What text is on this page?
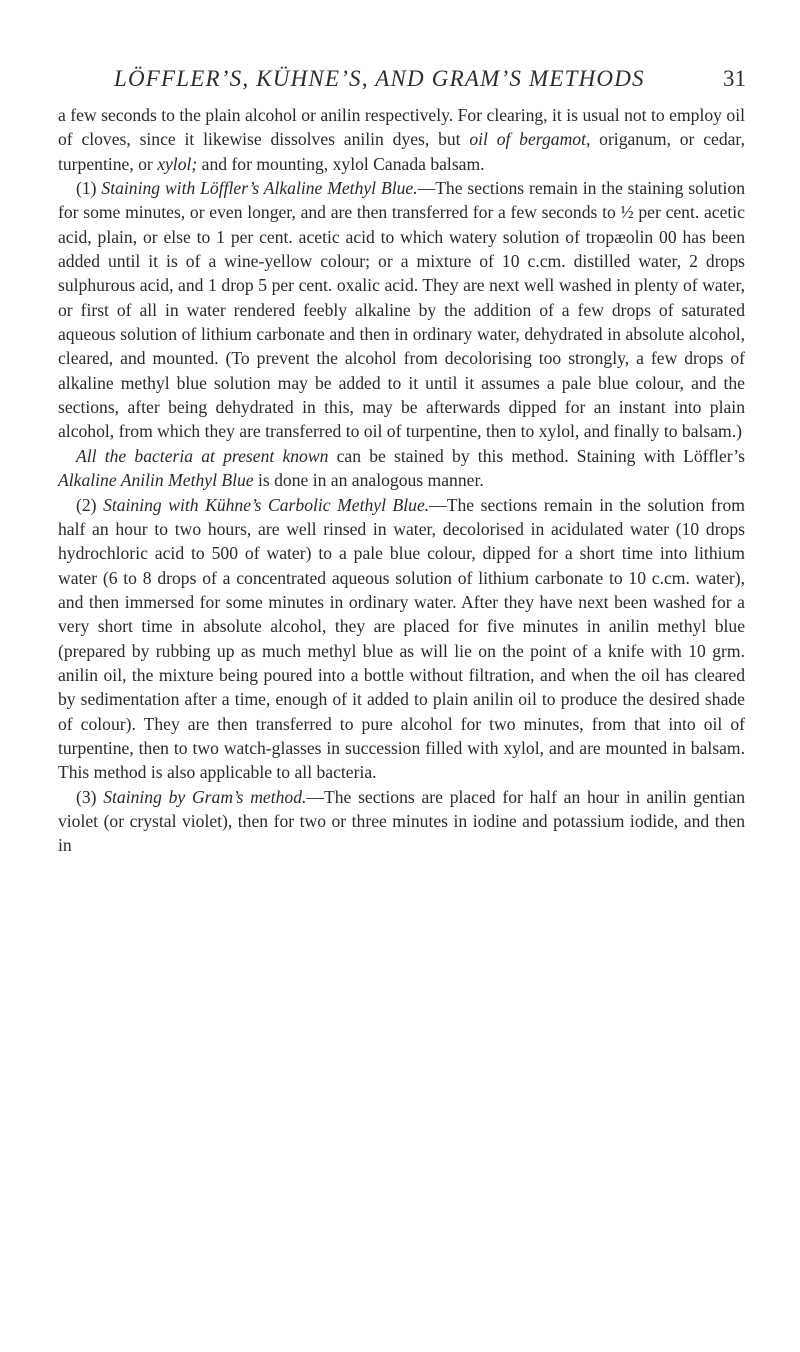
LÖFFLER’S, KÜHNE’S, AND GRAM’S METHODS	31

a few seconds to the plain alcohol or anilin respectively. For clearing, it is usual not to employ oil of cloves, since it likewise dissolves anilin dyes, but oil of bergamot, origanum, or cedar, turpentine, or xylol; and for mounting, xylol Canada balsam.

(1) Staining with Löffler’s Alkaline Methyl Blue.—The sections remain in the staining solution for some minutes, or even longer, and are then transferred for a few seconds to ½ per cent. acetic acid, plain, or else to 1 per cent. acetic acid to which watery solution of tropæolin 00 has been added until it is of a wine-yellow colour; or a mixture of 10 c.cm. distilled water, 2 drops sulphurous acid, and 1 drop 5 per cent. oxalic acid. They are next well washed in plenty of water, or first of all in water rendered feebly alkaline by the addition of a few drops of saturated aqueous solution of lithium carbonate and then in ordinary water, dehydrated in absolute alcohol, cleared, and mounted. (To prevent the alcohol from decolorising too strongly, a few drops of alkaline methyl blue solution may be added to it until it assumes a pale blue colour, and the sections, after being dehydrated in this, may be afterwards dipped for an instant into plain alcohol, from which they are transferred to oil of turpentine, then to xylol, and finally to balsam.)

All the bacteria at present known can be stained by this method. Staining with Löffler’s Alkaline Anilin Methyl Blue is done in an analogous manner.

(2) Staining with Kühne’s Carbolic Methyl Blue.—The sections remain in the solution from half an hour to two hours, are well rinsed in water, decolorised in acidulated water (10 drops hydrochloric acid to 500 of water) to a pale blue colour, dipped for a short time into lithium water (6 to 8 drops of a concentrated aqueous solution of lithium carbonate to 10 c.cm. water), and then immersed for some minutes in ordinary water. After they have next been washed for a very short time in absolute alcohol, they are placed for five minutes in anilin methyl blue (prepared by rubbing up as much methyl blue as will lie on the point of a knife with 10 grm. anilin oil, the mixture being poured into a bottle without filtration, and when the oil has cleared by sedimentation after a time, enough of it added to plain anilin oil to produce the desired shade of colour). They are then transferred to pure alcohol for two minutes, from that into oil of turpentine, then to two watch-glasses in succession filled with xylol, and are mounted in balsam. This method is also applicable to all bacteria.

(3) Staining by Gram’s method.—The sections are placed for half an hour in anilin gentian violet (or crystal violet), then for two or three minutes in iodine and potassium iodide, and then in
